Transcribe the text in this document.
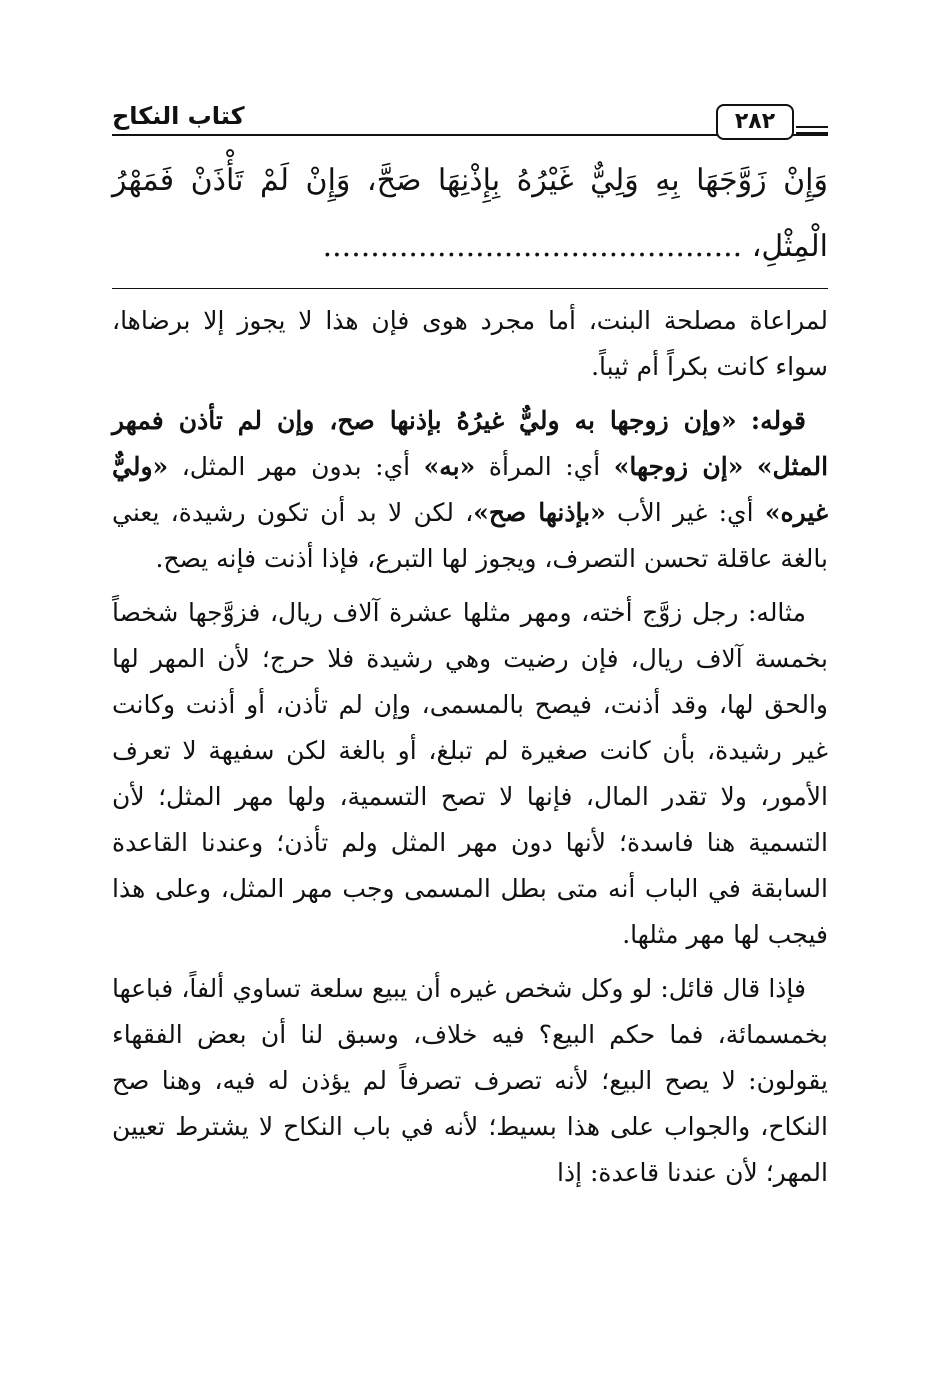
كتاب النكاح	٢٨٢
وَإِنْ زَوَّجَهَا بِهِ وَلِيٌّ غَيْرُهُ بِإِذْنِهَا صَحَّ، وَإِنْ لَمْ تَأْذَنْ فَمَهْرُ الْمِثْلِ، ............................................

لمراعاة مصلحة البنت، أما مجرد هوى فإن هذا لا يجوز إلا برضاها، سواء كانت بكراً أم ثيباً.

قوله: «وإن زوجها به وليٌّ غيرُهُ بإذنها صح، وإن لم تأذن فمهر المثل» «إن زوجها» أي: المرأة «به» أي: بدون مهر المثل، «وليٌّ غيره» أي: غير الأب «بإذنها صح»، لكن لا بد أن تكون رشيدة، يعني بالغة عاقلة تحسن التصرف، ويجوز لها التبرع، فإذا أذنت فإنه يصح.

مثاله: رجل زوَّج أخته، ومهر مثلها عشرة آلاف ريال، فزوَّجها شخصاً بخمسة آلاف ريال، فإن رضيت وهي رشيدة فلا حرج؛ لأن المهر لها والحق لها، وقد أذنت، فيصح بالمسمى، وإن لم تأذن، أو أذنت وكانت غير رشيدة، بأن كانت صغيرة لم تبلغ، أو بالغة لكن سفيهة لا تعرف الأمور، ولا تقدر المال، فإنها لا تصح التسمية، ولها مهر المثل؛ لأن التسمية هنا فاسدة؛ لأنها دون مهر المثل ولم تأذن؛ وعندنا القاعدة السابقة في الباب أنه متى بطل المسمى وجب مهر المثل، وعلى هذا فيجب لها مهر مثلها.

فإذا قال قائل: لو وكل شخص غيره أن يبيع سلعة تساوي ألفاً، فباعها بخمسمائة، فما حكم البيع؟ فيه خلاف، وسبق لنا أن بعض الفقهاء يقولون: لا يصح البيع؛ لأنه تصرف تصرفاً لم يؤذن له فيه، وهنا صح النكاح، والجواب على هذا بسيط؛ لأنه في باب النكاح لا يشترط تعيين المهر؛ لأن عندنا قاعدة: إذا
